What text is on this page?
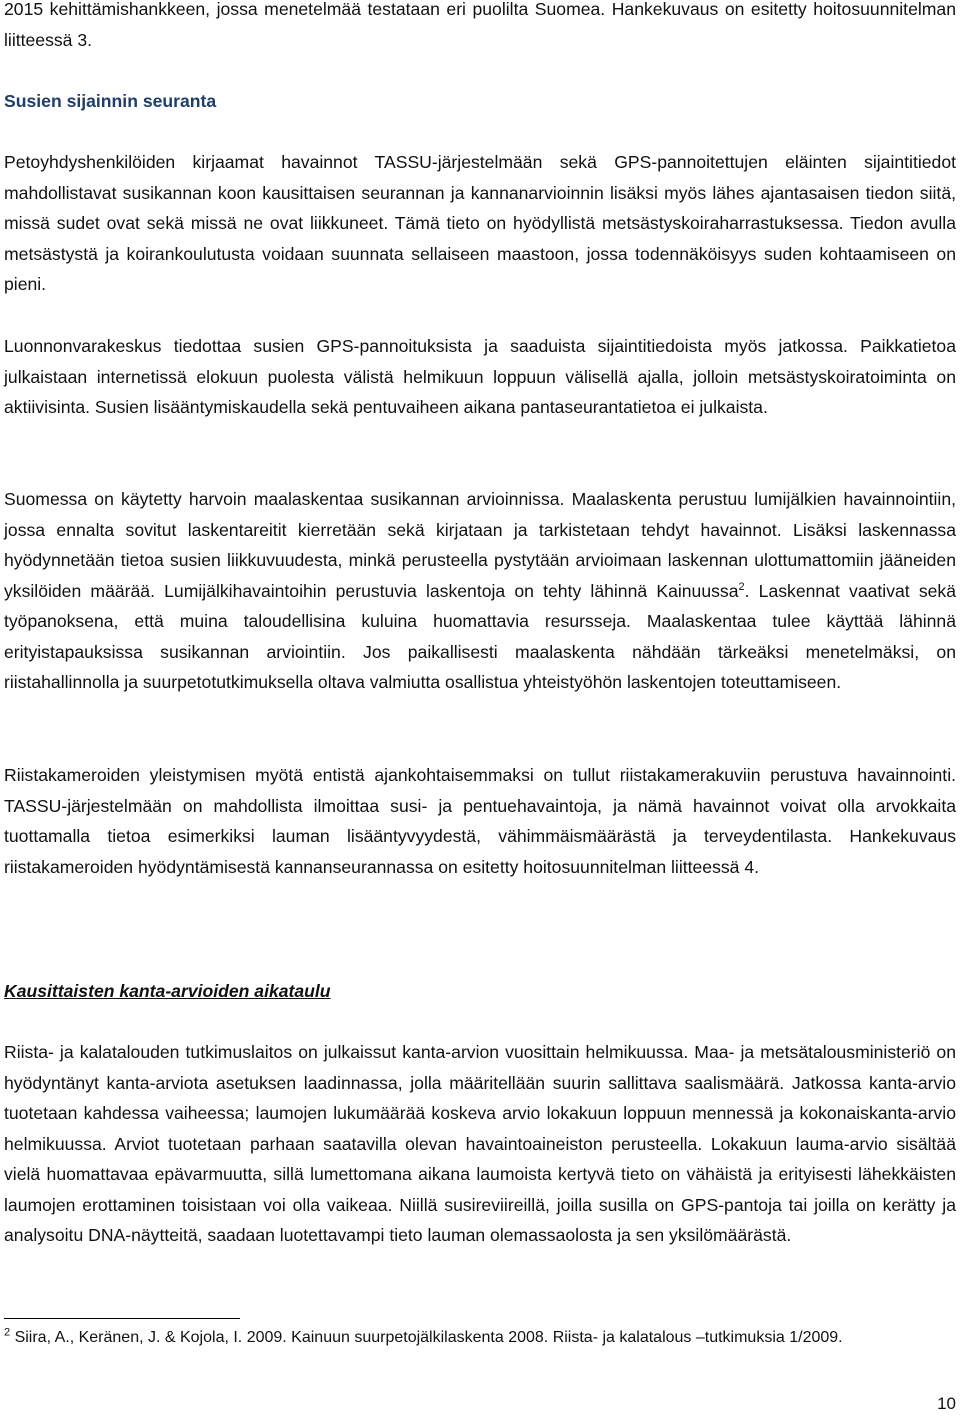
2015 kehittämishankkeen, jossa menetelmää testataan eri puolilta Suomea. Hankekuvaus on esitetty hoitosuunnitelman liitteessä 3.
Susien sijainnin seuranta
Petoyhdyshenkilöiden kirjaamat havainnot TASSU-järjestelmään sekä GPS-pannoitettujen eläinten sijaintitiedot mahdollistavat susikannan koon kausittaisen seurannan ja kannanarvioinnin lisäksi myös lähes ajantasaisen tiedon siitä, missä sudet ovat sekä missä ne ovat liikkuneet. Tämä tieto on hyödyllistä metsästyskoiraharrastuksessa. Tiedon avulla metsästystä ja koirankoulutusta voidaan suunnata sellaiseen maastoon, jossa todennäköisyys suden kohtaamiseen on pieni.
Luonnonvarakeskus tiedottaa susien GPS-pannoituksista ja saaduista sijaintitiedoista myös jatkossa. Paikkatietoa julkaistaan internetissä elokuun puolesta välistä helmikuun loppuun välisellä ajalla, jolloin metsästyskoiratoiminta on aktiivisinta. Susien lisääntymiskaudella sekä pentuvaiheen aikana pantaseurantatietoa ei julkaista.
Suomessa on käytetty harvoin maalaskentaa susikannan arvioinnissa. Maalaskenta perustuu lumijälkien havainnointiin, jossa ennalta sovitut laskentareitit kierretään sekä kirjataan ja tarkistetaan tehdyt havainnot. Lisäksi laskennassa hyödynnetään tietoa susien liikkuvuudesta, minkä perusteella pystytään arvioimaan laskennan ulottumattomiin jääneiden yksilöiden määrää. Lumijälkihavaintoihin perustuvia laskentoja on tehty lähinnä Kainuussa$^2$. Laskennat vaativat sekä työpanoksena, että muina taloudellisina kuluina huomattavia resursseja. Maalaskentaa tulee käyttää lähinnä erityistapauksissa susikannan arviointiin. Jos paikallisesti maalaskenta nähdään tärkeäksi menetelmäksi, on riistahallinnolla ja suurpetotutkimuksella oltava valmiutta osallistua yhteistyöhön laskentojen toteuttamiseen.
Riistakameroiden yleistymisen myötä entistä ajankohtaisemmaksi on tullut riistakamerakuviin perustuva havainnointi. TASSU-järjestelmään on mahdollista ilmoittaa susi- ja pentuehavaintoja, ja nämä havainnot voivat olla arvokkaita tuottamalla tietoa esimerkiksi lauman lisääntyvyydestä, vähimmäismäärästä ja terveydentilasta. Hankekuvaus riistakameroiden hyödyntämisestä kannanseurannassa on esitetty hoitosuunnitelman liitteessä 4.
Kausittaisten kanta-arvioiden aikataulu
Riista- ja kalatalouden tutkimuslaitos on julkaissut kanta-arvion vuosittain helmikuussa. Maa- ja metsätalousministeriö on hyödyntänyt kanta-arviota asetuksen laadinnassa, jolla määritellään suurin sallittava saalismäärä. Jatkossa kanta-arvio tuotetaan kahdessa vaiheessa; laumojen lukumäärää koskeva arvio lokakuun loppuun mennessä ja kokonaiskanta-arvio helmikuussa. Arviot tuotetaan parhaan saatavilla olevan havaintoaineiston perusteella. Lokakuun lauma-arvio sisältää vielä huomattavaa epävarmuutta, sillä lumettomana aikana laumoista kertyvä tieto on vähäistä ja erityisesti lähekkäisten laumojen erottaminen toisistaan voi olla vaikeaa. Niillä susireviireillä, joilla susilla on GPS-pantoja tai joilla on kerätty ja analysoitu DNA-näytteitä, saadaan luotettavampi tieto lauman olemassaolosta ja sen yksilömäärästä.
$^2$ Siira, A., Keränen, J. & Kojola, I. 2009. Kainuun suurpetojälkilaskenta 2008. Riista- ja kalatalous –tutkimuksia 1/2009.
10
